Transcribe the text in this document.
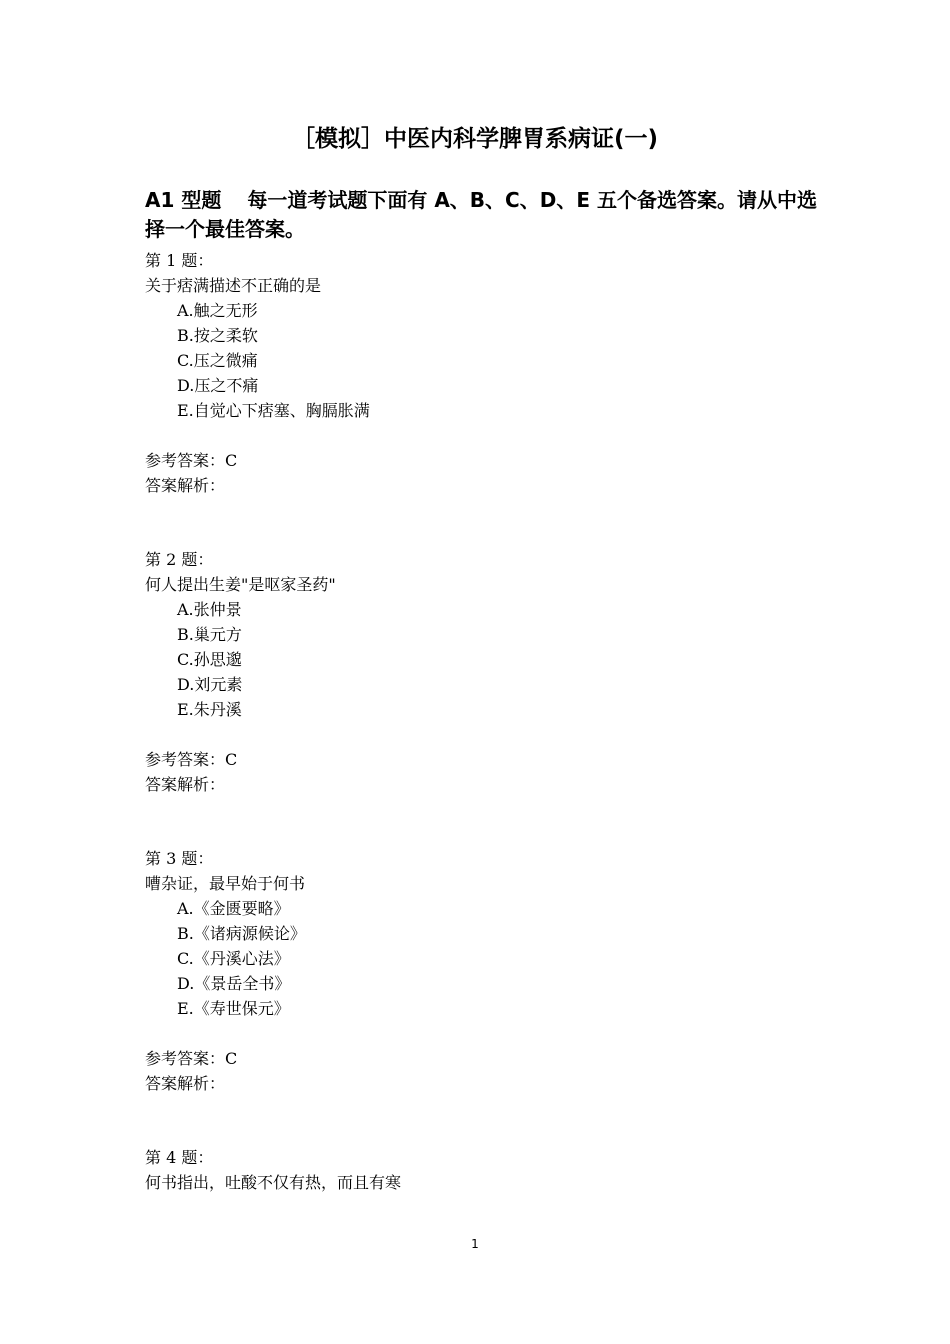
［模拟］中医内科学脾胃系病证(一)
A1 型题 每一道考试题下面有 A、B、C、D、E 五个备选答案。请从中选择一个最佳答案。
第 1 题：
关于痞满描述不正确的是
A.触之无形
B.按之柔软
C.压之微痛
D.压之不痛
E.自觉心下痞塞、胸膈胀满
参考答案：C
答案解析：
第 2 题：
何人提出生姜"是呕家圣药"
A.张仲景
B.巢元方
C.孙思邈
D.刘元素
E.朱丹溪
参考答案：C
答案解析：
第 3 题：
嘈杂证，最早始于何书
A.《金匮要略》
B.《诸病源候论》
C.《丹溪心法》
D.《景岳全书》
E.《寿世保元》
参考答案：C
答案解析：
第 4 题：
何书指出，吐酸不仅有热，而且有寒
1
